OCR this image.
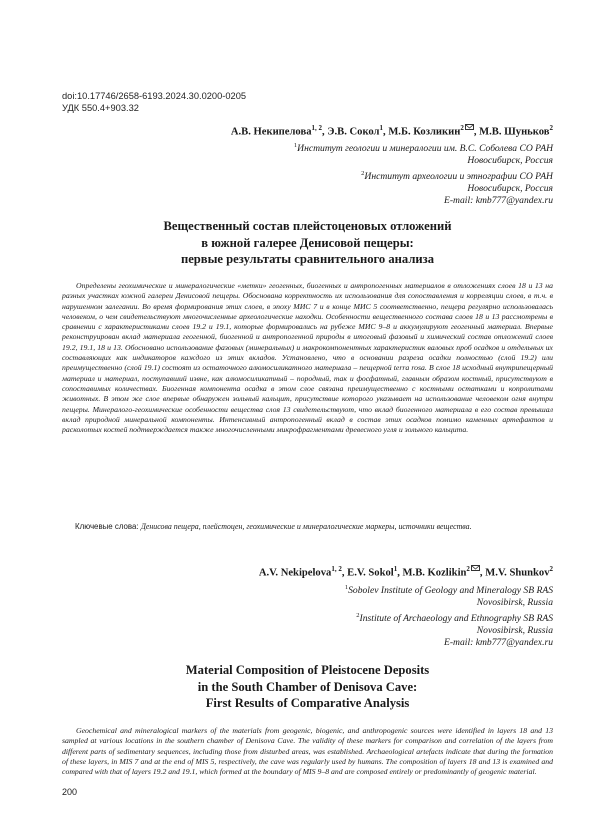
doi:10.17746/2658-6193.2024.30.0200-0205
УДК 550.4+903.32
А.В. Некипелова$^{1, 2}$, Э.В. Сокол$^1$, М.Б. Козликин$^2$ , М.В. Шуньков$^2$
$^1$Институт геологии и минералогии им. В.С. Соболева СО РАН
Новосибирск, Россия
$^2$Институт археологии и этнографии СО РАН
Новосибирск, Россия
E-mail: kmb777@yandex.ru
Вещественный состав плейстоценовых отложений
в южной галерее Денисовой пещеры:
первые результаты сравнительного анализа
Определены геохимические и минералогические «метки» геогенных, биогенных и антропогенных материалов в отложениях слоев 18 и 13 на разных участках южной галереи Денисовой пещеры. Обоснована корректность их использования для сопоставления и корреляции слоев, в т.ч. в нарушенном залегании. Во время формирования этих слоев, в эпоху МИС 7 и в конце МИС 5 соответственно, пещера регулярно использовалась человеком, о чем свидетельствуют многочисленные археологические находки. Особенности вещественного состава слоев 18 и 13 рассмотрены в сравнении с характеристиками слоев 19.2 и 19.1, которые формировались на рубеже МИС 9–8 и аккумулируют геогенный материал. Впервые реконструирован вклад материала геогенной, биогенной и антропогенной природы в итоговый фазовый и химический состав отложений слоев 19.2, 19.1, 18 и 13. Обосновано использование фазовых (минеральных) и макрокомпонентных характеристик валовых проб осадков и отдельных их составляющих как индикаторов каждого из этих вкладов. Установлено, что в основании разреза осадки полностью (слой 19.2) или преимущественно (слой 19.1) состоят из остаточного алюмосиликатного материала – пещерной terra rosa. В слое 18 исходный внутрипещерный материал и материал, поступавший извне, как алюмосиликатный – породный, так и фосфатный, главным образом костный, присутствуют в сопоставимых количествах. Биогенная компонента осадка в этом слое связана преимущественно с костными остатками и копролитами животных. В этом же слое впервые обнаружен зольный кальцит, присутствие которого указывает на использование человеком огня внутри пещеры. Минералого-геохимические особенности вещества слоя 13 свидетельствуют, что вклад биогенного материала в его состав превышал вклад природной минеральной компоненты. Интенсивный антропогенный вклад в состав этих осадков помимо каменных артефактов и расколотых костей подтверждается также многочисленными микрофрагментами древесного угля и зольного кальцита.
Ключевые слова: Денисова пещера, плейстоцен, геохимические и минералогические маркеры, источники вещества.
A.V. Nekipelova$^{1, 2}$, E.V. Sokol$^1$, M.B. Kozlikin$^2$ , M.V. Shunkov$^2$
$^1$Sobolev Institute of Geology and Mineralogy SB RAS
Novosibirsk, Russia
$^2$Institute of Archaeology and Ethnography SB RAS
Novosibirsk, Russia
E-mail: kmb777@yandex.ru
Material Composition of Pleistocene Deposits
in the South Chamber of Denisova Cave:
First Results of Comparative Analysis
Geochemical and mineralogical markers of the materials from geogenic, biogenic, and anthropogenic sources were identified in layers 18 and 13 sampled at various locations in the southern chamber of Denisova Cave. The validity of these markers for comparison and correlation of the layers from different parts of sedimentary sequences, including those from disturbed areas, was established. Archaeological artefacts indicate that during the formation of these layers, in MIS 7 and at the end of MIS 5, respectively, the cave was regularly used by humans. The composition of layers 18 and 13 is examined and compared with that of layers 19.2 and 19.1, which formed at the boundary of MIS 9–8 and are composed entirely or predominantly of geogenic material.
200
